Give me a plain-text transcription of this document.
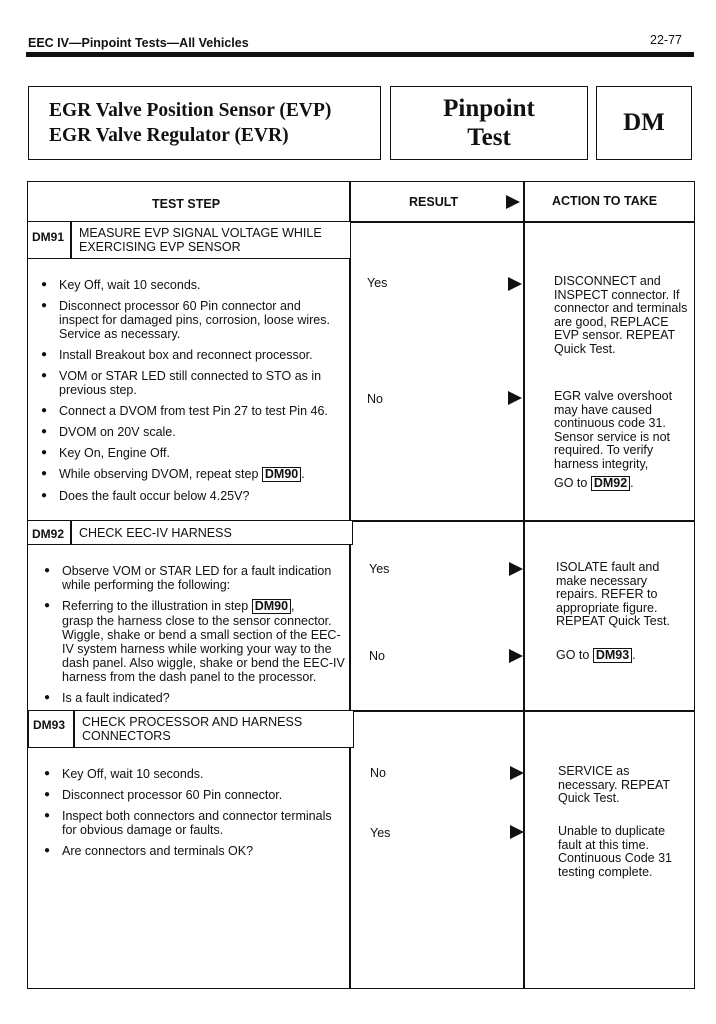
EEC IV—Pinpoint Tests—All Vehicles	22-77
EGR Valve Position Sensor (EVP)
EGR Valve Regulator (EVR)
Pinpoint
Test
DM
TEST STEP	RESULT	ACTION TO TAKE
DM91 MEASURE EVP SIGNAL VOLTAGE WHILE
EXERCISING EVP SENSOR
● Key Off, wait 10 seconds.
● Disconnect processor 60 Pin connector and inspect for damaged pins, corrosion, loose wires. Service as necessary.
● Install Breakout box and reconnect processor.
● VOM or STAR LED still connected to STO as in previous step.
● Connect a DVOM from test Pin 27 to test Pin 46.
● DVOM on 20V scale.
● Key On, Engine Off.
● While observing DVOM, repeat step DM90 .
● Does the fault occur below 4.25V?
Yes	DISCONNECT and INSPECT connector. If connector and terminals are good, REPLACE EVP sensor. REPEAT Quick Test.
No	EGR valve overshoot may have caused continuous code 31. Sensor service is not required. To verify harness integrity,
GO to DM92 .
DM92 CHECK EEC-IV HARNESS
● Observe VOM or STAR LED for a fault indication while performing the following:
● Referring to the illustration in step DM90 ,
grasp the harness close to the sensor connector. Wiggle, shake or bend a small section of the EEC-IV system harness while working your way to the dash panel. Also wiggle, shake or bend the EEC-IV harness from the dash panel to the processor.
● Is a fault indicated?
Yes	ISOLATE fault and make necessary repairs. REFER to appropriate figure. REPEAT Quick Test.
No	GO to DM93 .
DM93 CHECK PROCESSOR AND HARNESS
CONNECTORS
● Key Off, wait 10 seconds.
● Disconnect processor 60 Pin connector.
● Inspect both connectors and connector terminals for obvious damage or faults.
● Are connectors and terminals OK?
No	SERVICE as necessary. REPEAT Quick Test.
Yes	Unable to duplicate fault at this time. Continuous Code 31 testing complete.
